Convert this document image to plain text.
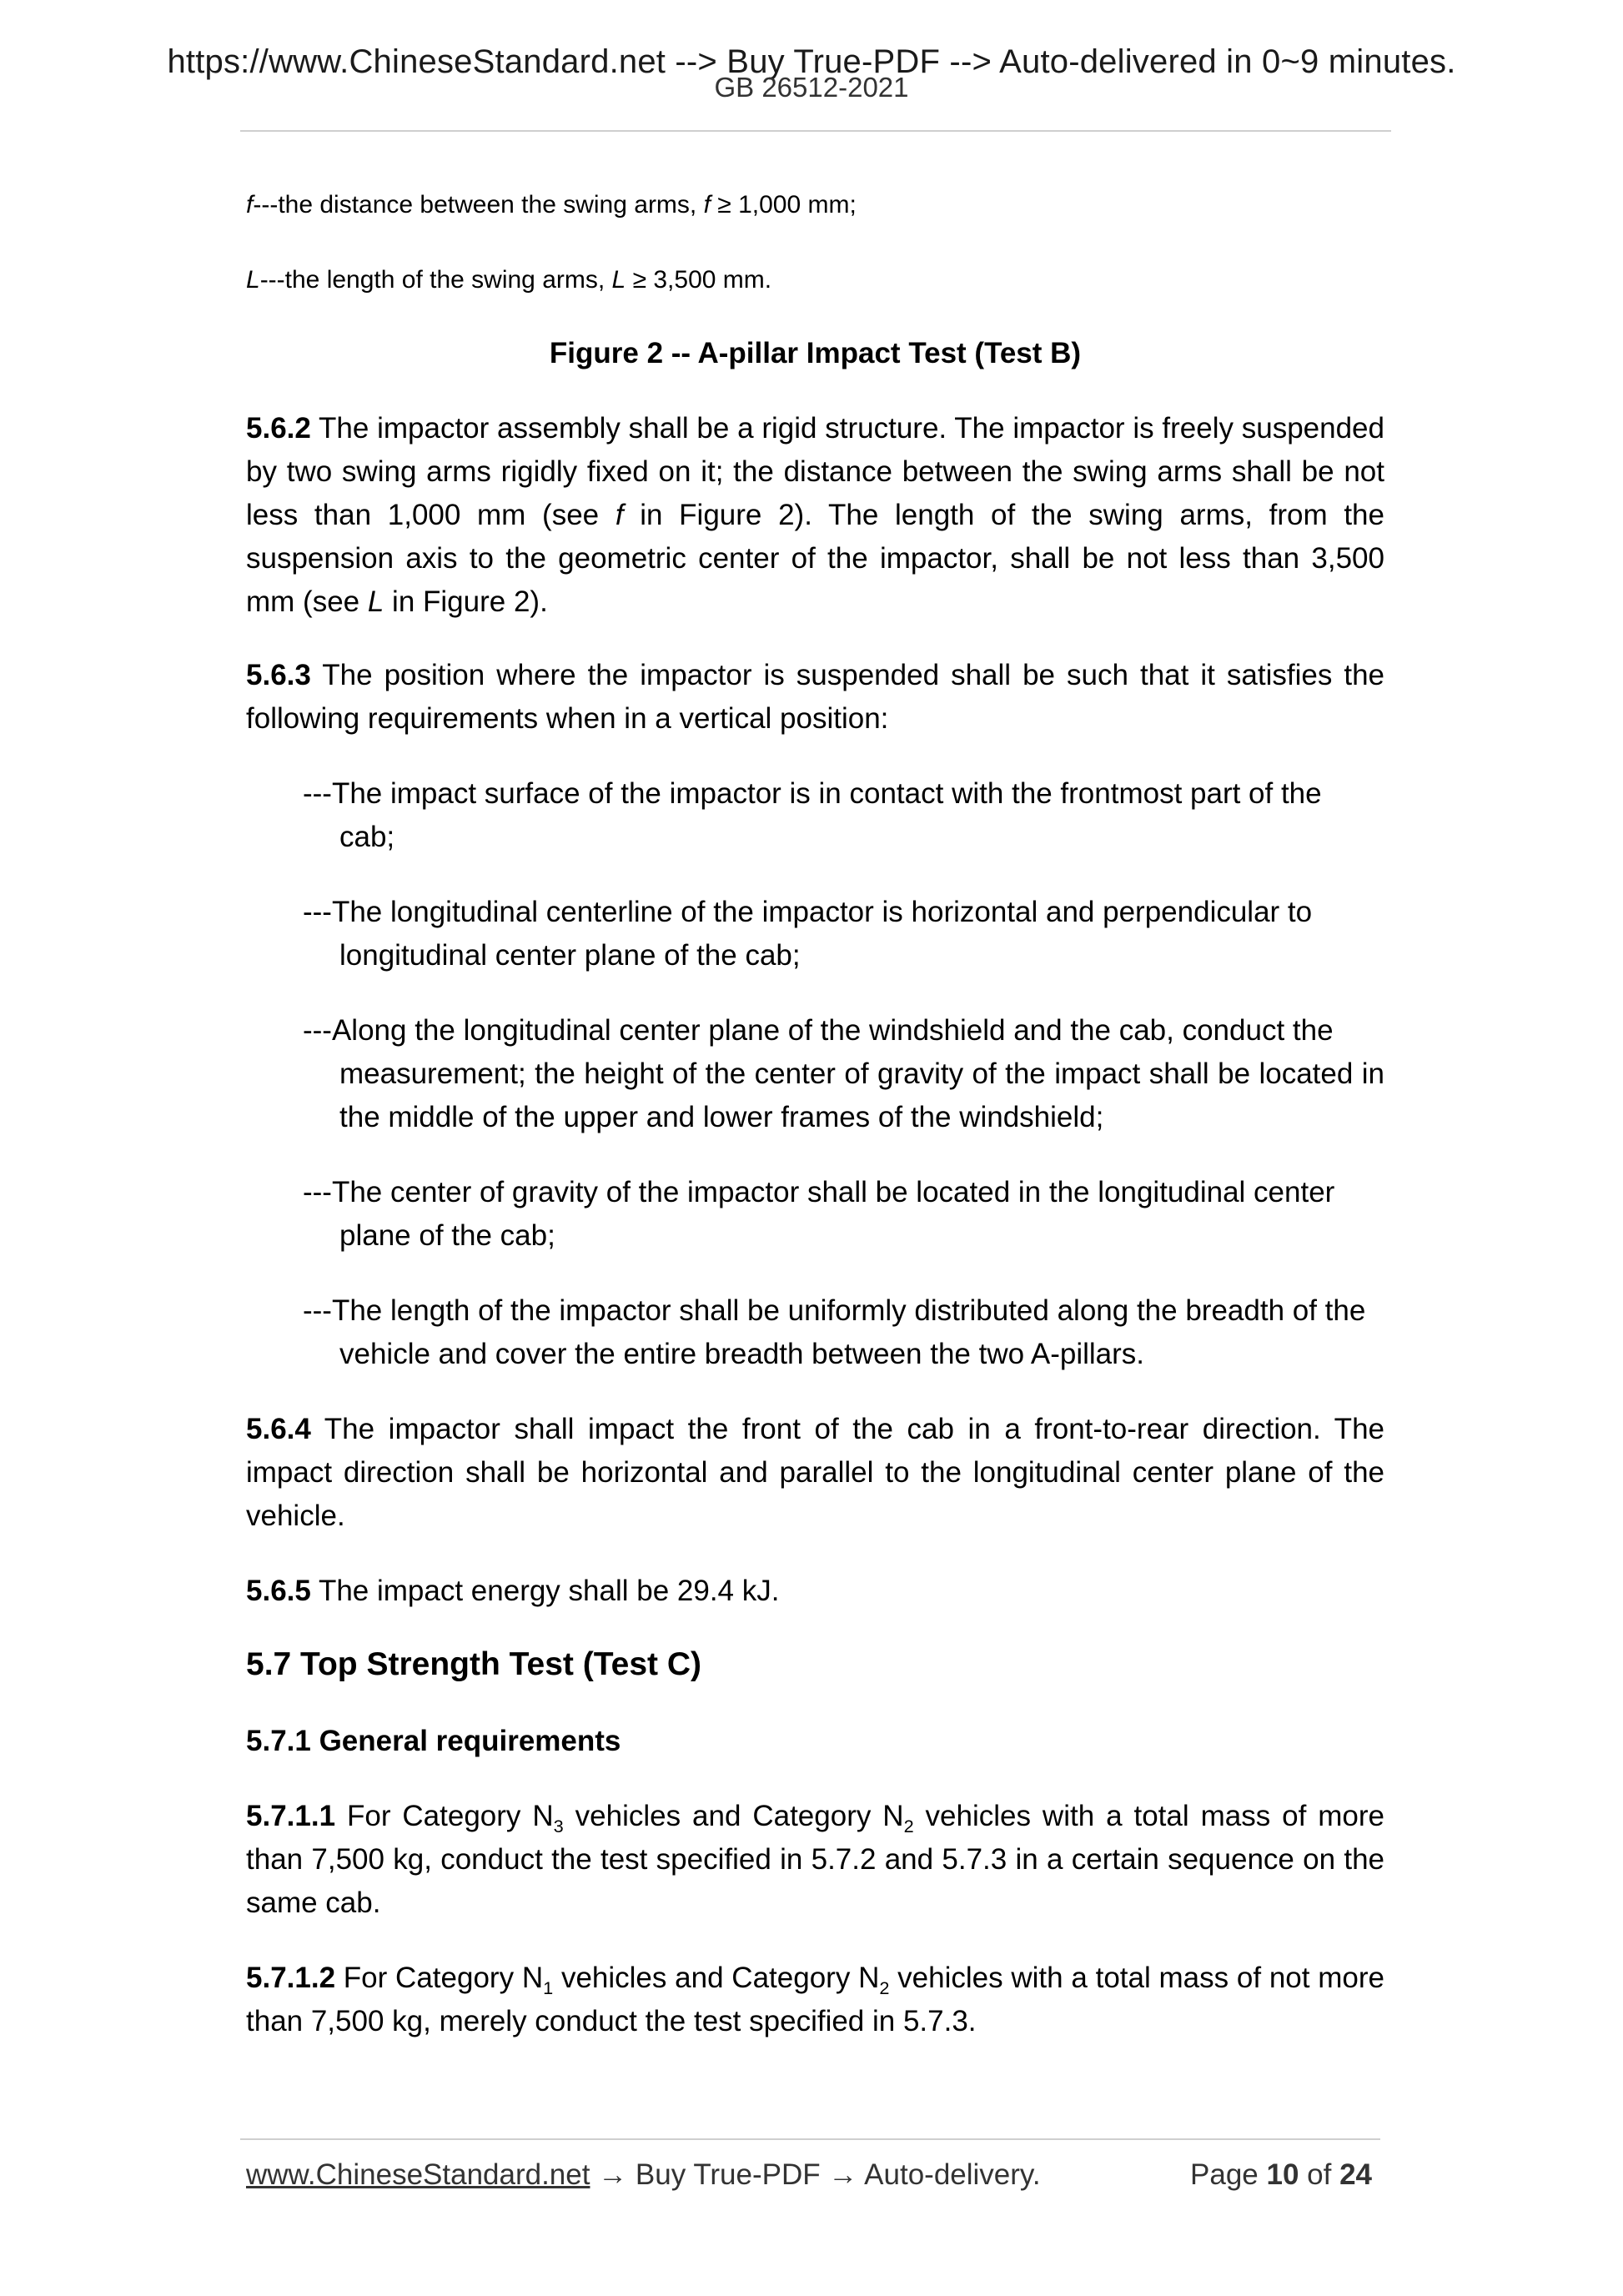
https://www.ChineseStandard.net --> Buy True-PDF --> Auto-delivered in 0~9 minutes.
GB 26512-2021
f---the distance between the swing arms, f ≥ 1,000 mm;
L---the length of the swing arms, L ≥ 3,500 mm.
Figure 2 -- A-pillar Impact Test (Test B)
5.6.2 The impactor assembly shall be a rigid structure. The impactor is freely suspended by two swing arms rigidly fixed on it; the distance between the swing arms shall be not less than 1,000 mm (see f in Figure 2). The length of the swing arms, from the suspension axis to the geometric center of the impactor, shall be not less than 3,500 mm (see L in Figure 2).
5.6.3 The position where the impactor is suspended shall be such that it satisfies the following requirements when in a vertical position:
---The impact surface of the impactor is in contact with the frontmost part of the
cab;
---The longitudinal centerline of the impactor is horizontal and perpendicular to
longitudinal center plane of the cab;
---Along the longitudinal center plane of the windshield and the cab, conduct the
measurement; the height of the center of gravity of the impact shall be located in the middle of the upper and lower frames of the windshield;
---The center of gravity of the impactor shall be located in the longitudinal center
plane of the cab;
---The length of the impactor shall be uniformly distributed along the breadth of the
vehicle and cover the entire breadth between the two A-pillars.
5.6.4 The impactor shall impact the front of the cab in a front-to-rear direction. The impact direction shall be horizontal and parallel to the longitudinal center plane of the vehicle.
5.6.5 The impact energy shall be 29.4 kJ.
5.7 Top Strength Test (Test C)
5.7.1 General requirements
5.7.1.1 For Category $N_3$ vehicles and Category $N_2$ vehicles with a total mass of more than 7,500 kg, conduct the test specified in 5.7.2 and 5.7.3 in a certain sequence on the same cab.
5.7.1.2 For Category $N_1$ vehicles and Category $N_2$ vehicles with a total mass of not more than 7,500 kg, merely conduct the test specified in 5.7.3.
www.ChineseStandard.net → Buy True-PDF → Auto-delivery.	Page 10 of 24
